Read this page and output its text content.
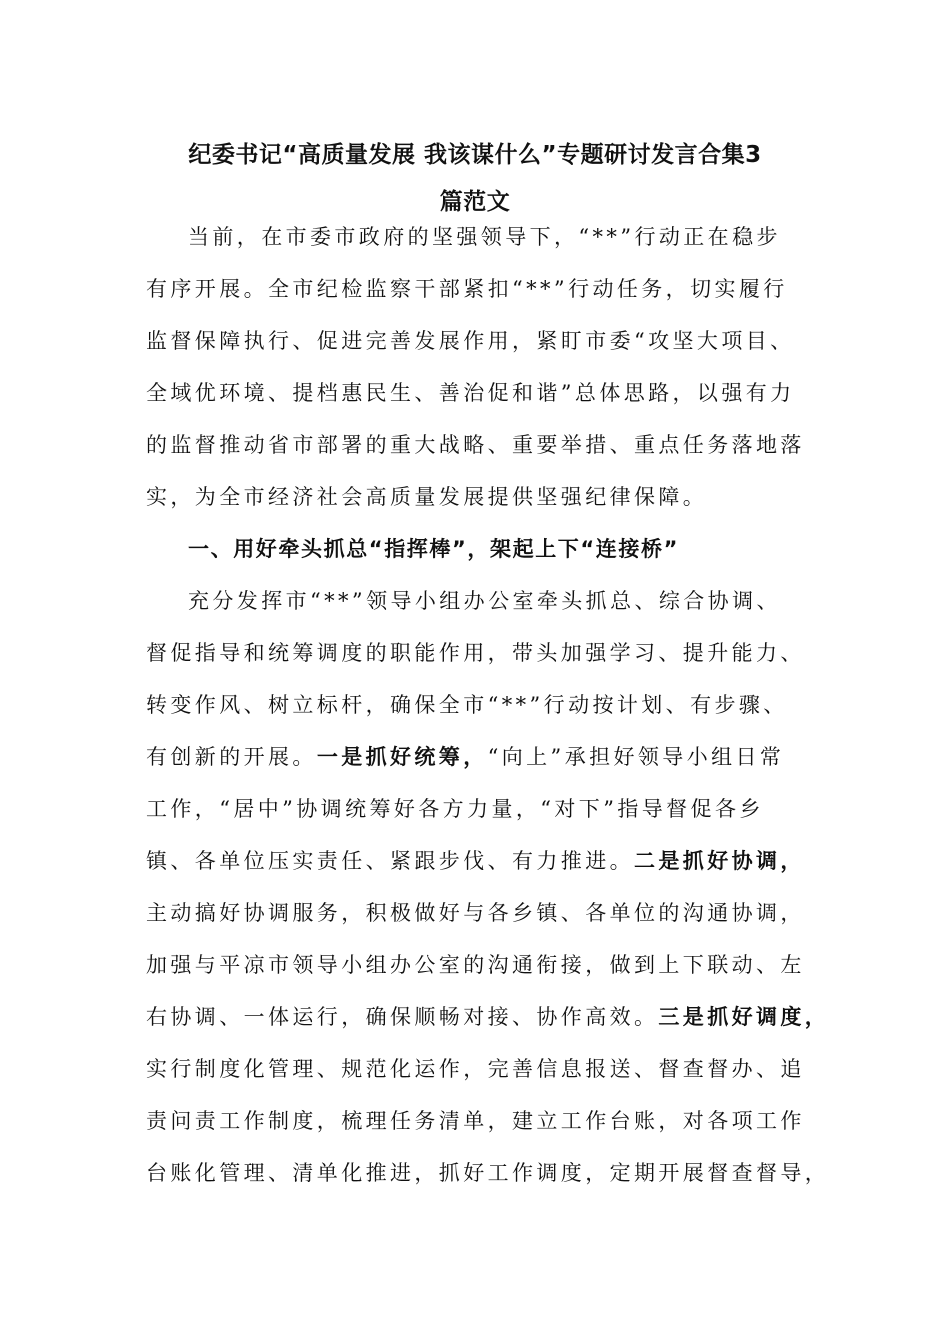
纪委书记“高质量发展 我该谋什么”专题研讨发言合集3
篇范文
当前，在市委市政府的坚强领导下，“**”行动正在稳步
有序开展。全市纪检监察干部紧扣“**”行动任务，切实履行
监督保障执行、促进完善发展作用，紧盯市委“攻坚大项目、
全域优环境、提档惠民生、善治促和谐”总体思路，以强有力
的监督推动省市部署的重大战略、重要举措、重点任务落地落
实，为全市经济社会高质量发展提供坚强纪律保障。
一、用好牵头抓总“指挥棒”，架起上下“连接桥”
充分发挥市“**”领导小组办公室牵头抓总、综合协调、
督促指导和统筹调度的职能作用，带头加强学习、提升能力、
转变作风、树立标杆，确保全市“**”行动按计划、有步骤、
有创新的开展。一是抓好统筹，“向上”承担好领导小组日常
工作，“居中”协调统筹好各方力量，“对下”指导督促各乡
镇、各单位压实责任、紧跟步伐、有力推进。二是抓好协调，
主动搞好协调服务，积极做好与各乡镇、各单位的沟通协调，
加强与平凉市领导小组办公室的沟通衔接，做到上下联动、左
右协调、一体运行，确保顺畅对接、协作高效。三是抓好调度，
实行制度化管理、规范化运作，完善信息报送、督查督办、追
责问责工作制度，梳理任务清单，建立工作台账，对各项工作
台账化管理、清单化推进，抓好工作调度，定期开展督查督导，
